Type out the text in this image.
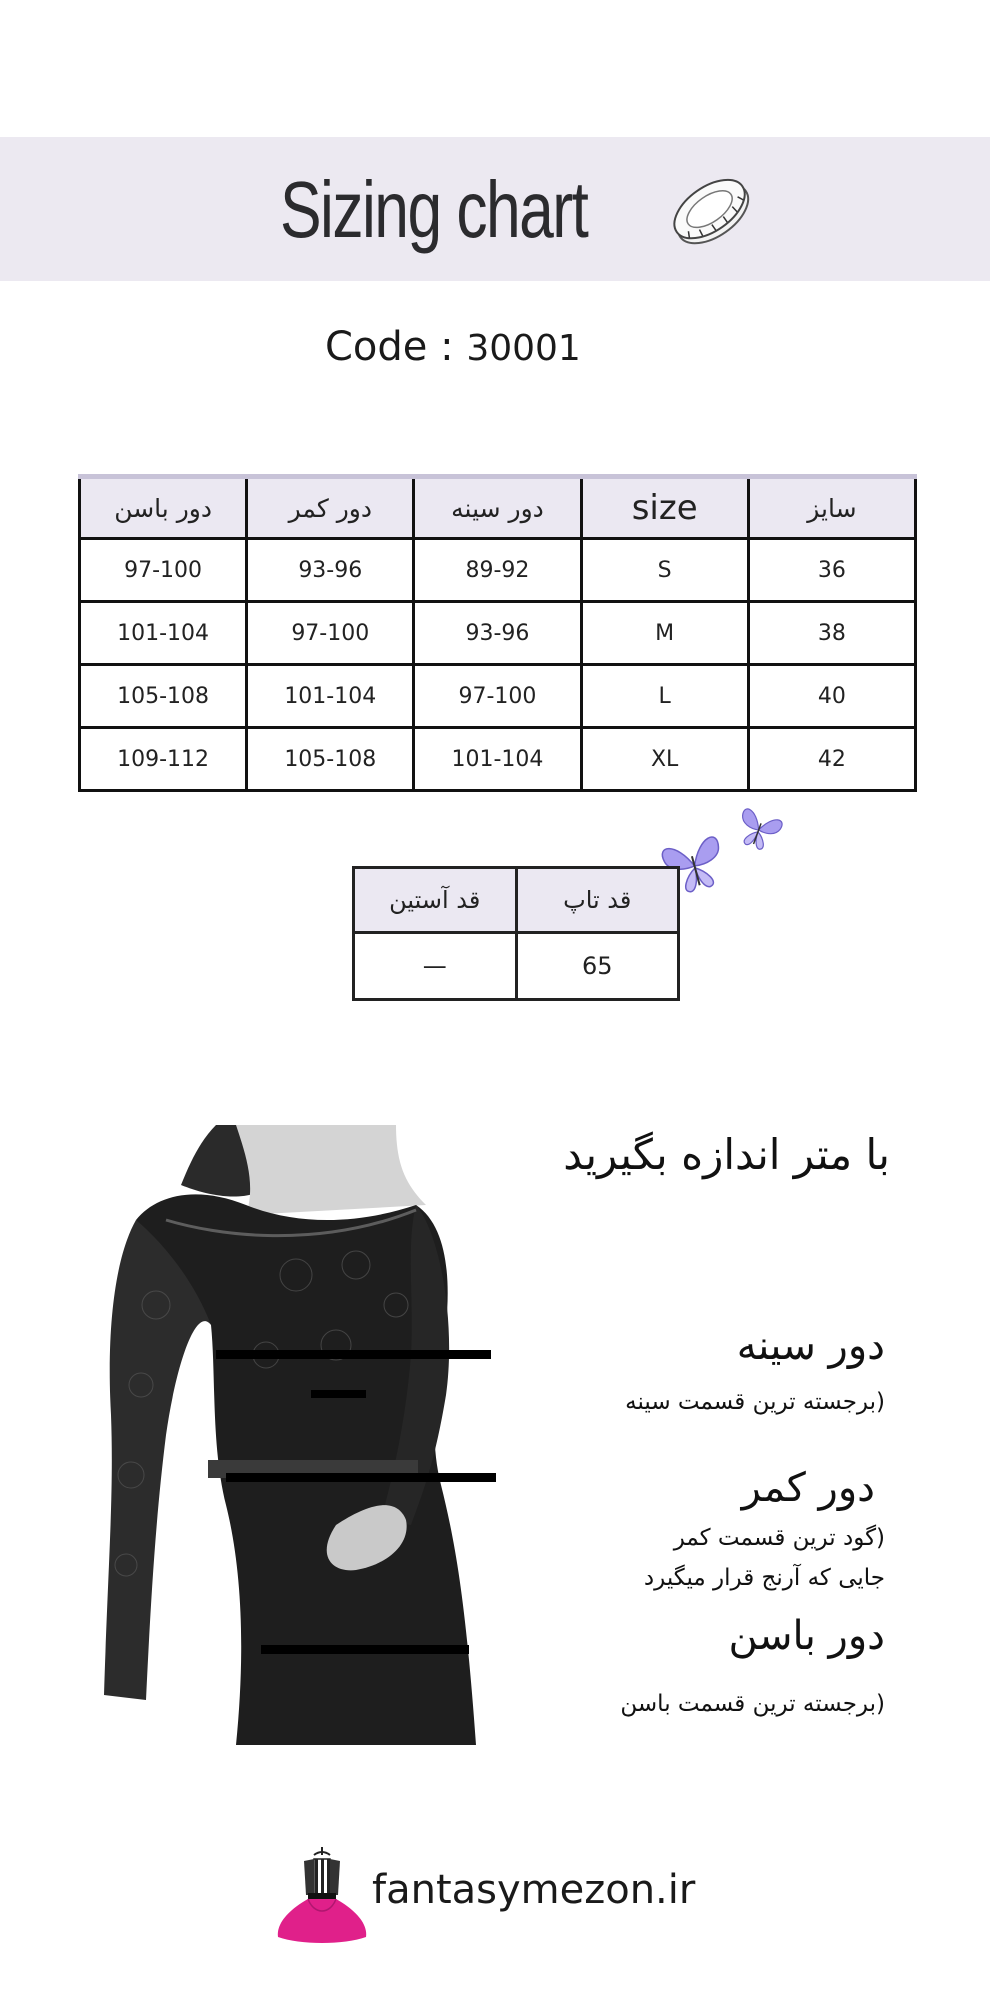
Sizing chart
Code : 30001
دور باسن	دور کمر	دور سینه	size	سایز
97-100	93-96	89-92	S	36
101-104	97-100	93-96	M	38
105-108	101-104	97-100	L	40
109-112	105-108	101-104	XL	42
قد آستین	قد تاپ
—	65
با متر اندازه بگیرید
دور سینه
(برجسته ترین قسمت سینه
دور کمر
(گود ترین قسمت کمر
جایی که آرنج قرار میگیرد
دور باسن
(برجسته ترین قسمت باسن
fantasymezon.ir
